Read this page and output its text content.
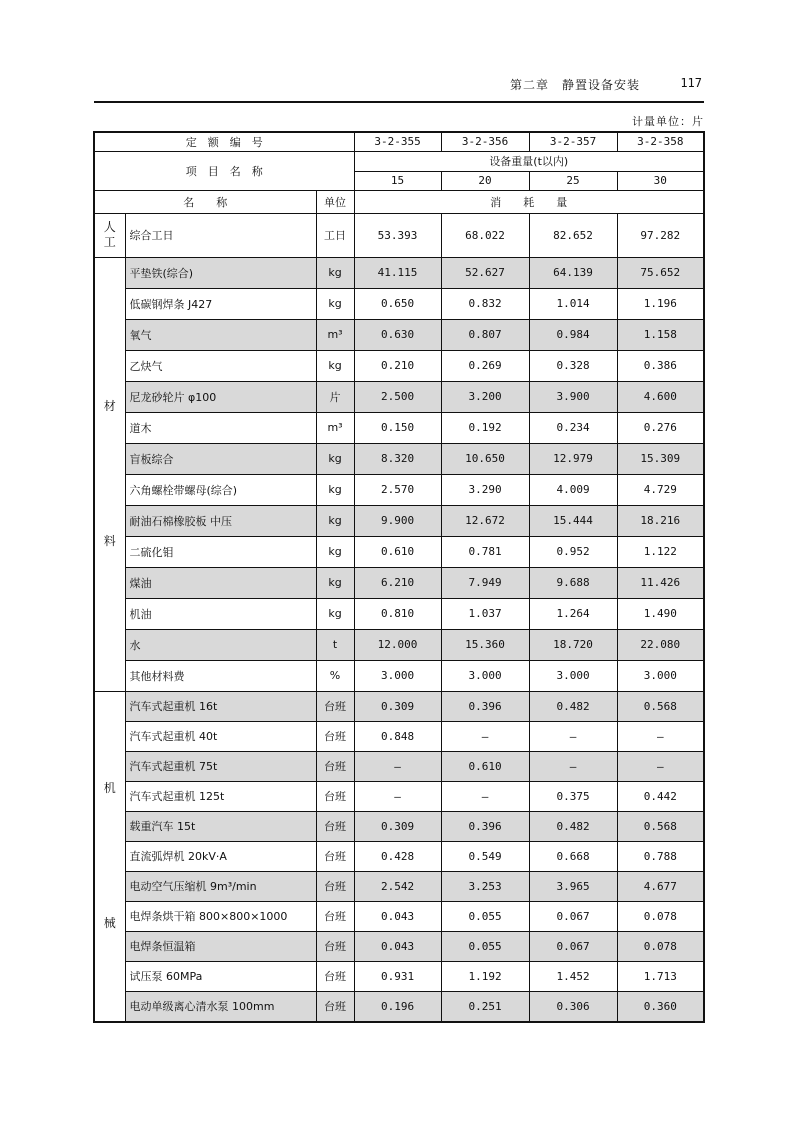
第二章　静置设备安装	117
计量单位：片
定　额　编　号			3-2-355	3-2-356	3-2-357	3-2-358
项　目　名　称			设备重量(t以内)			
			15	20	25	30
名　　称		单位	消　　耗　　量			

人
工	综合工日	工日	53.393	68.022	82.652	97.282

材
料	平垫铁(综合)	kg	41.115	52.627	64.139	75.652
	低碳钢焊条 J427	kg	0.650	0.832	1.014	1.196
	氧气	m³	0.630	0.807	0.984	1.158
	乙炔气	kg	0.210	0.269	0.328	0.386
	尼龙砂轮片 φ100	片	2.500	3.200	3.900	4.600
	道木	m³	0.150	0.192	0.234	0.276
	盲板综合	kg	8.320	10.650	12.979	15.309
	六角螺栓带螺母(综合)	kg	2.570	3.290	4.009	4.729
	耐油石棉橡胶板 中压	kg	9.900	12.672	15.444	18.216
	二硫化钼	kg	0.610	0.781	0.952	1.122
	煤油	kg	6.210	7.949	9.688	11.426
	机油	kg	0.810	1.037	1.264	1.490
	水	t	12.000	15.360	18.720	22.080
	其他材料费	%	3.000	3.000	3.000	3.000

机
械	汽车式起重机 16t	台班	0.309	0.396	0.482	0.568
	汽车式起重机 40t	台班	0.848	—	—	—
	汽车式起重机 75t	台班	—	0.610	—	—
	汽车式起重机 125t	台班	—	—	0.375	0.442
	载重汽车 15t	台班	0.309	0.396	0.482	0.568
	直流弧焊机 20kV·A	台班	0.428	0.549	0.668	0.788
	电动空气压缩机 9m³/min	台班	2.542	3.253	3.965	4.677
	电焊条烘干箱 800×800×1000	台班	0.043	0.055	0.067	0.078
	电焊条恒温箱	台班	0.043	0.055	0.067	0.078
	试压泵 60MPa	台班	0.931	1.192	1.452	1.713
	电动单级离心清水泵 100mm	台班	0.196	0.251	0.306	0.360
